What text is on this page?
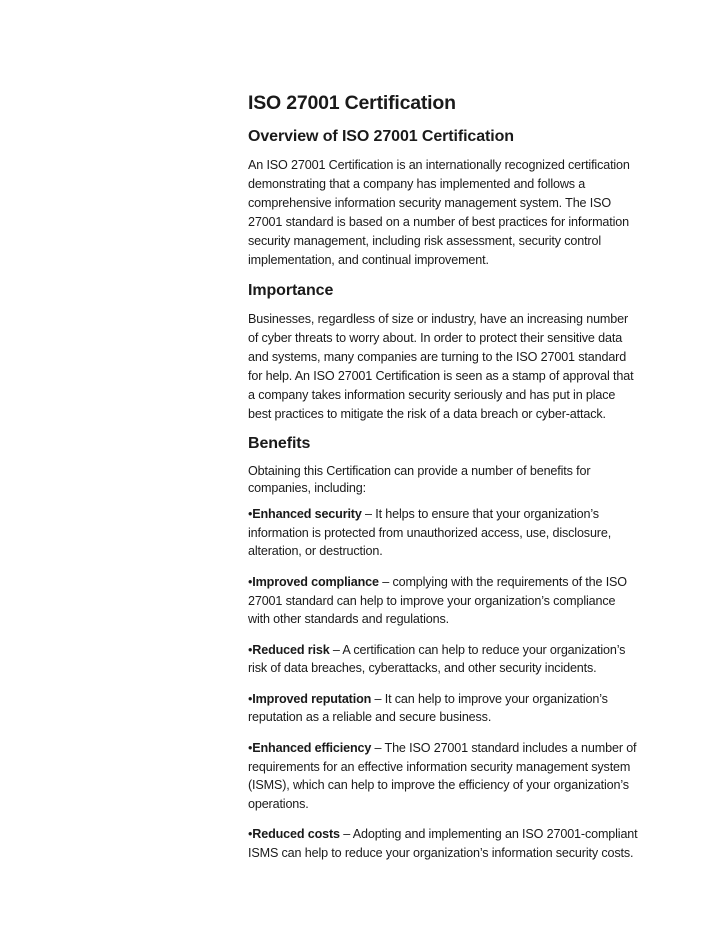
ISO 27001 Certification
Overview of ISO 27001 Certification

An ISO 27001 Certification is an internationally recognized certification demonstrating that a company has implemented and follows a comprehensive information security management system. The ISO 27001 standard is based on a number of best practices for information security management, including risk assessment, security control implementation, and continual improvement.

Importance

Businesses, regardless of size or industry, have an increasing number of cyber threats to worry about. In order to protect their sensitive data and systems, many companies are turning to the ISO 27001 standard for help. An ISO 27001 Certification is seen as a stamp of approval that a company takes information security seriously and has put in place best practices to mitigate the risk of a data breach or cyber-attack.

Benefits

Obtaining this Certification can provide a number of benefits for companies, including:

•Enhanced security – It helps to ensure that your organization’s information is protected from unauthorized access, use, disclosure, alteration, or destruction.

•Improved compliance – complying with the requirements of the ISO 27001 standard can help to improve your organization’s compliance with other standards and regulations.

•Reduced risk – A certification can help to reduce your organization’s risk of data breaches, cyberattacks, and other security incidents.

•Improved reputation – It can help to improve your organization’s reputation as a reliable and secure business.

•Enhanced efficiency – The ISO 27001 standard includes a number of requirements for an effective information security management system (ISMS), which can help to improve the efficiency of your organization’s operations.

•Reduced costs – Adopting and implementing an ISO 27001-compliant ISMS can help to reduce your organization’s information security costs.
